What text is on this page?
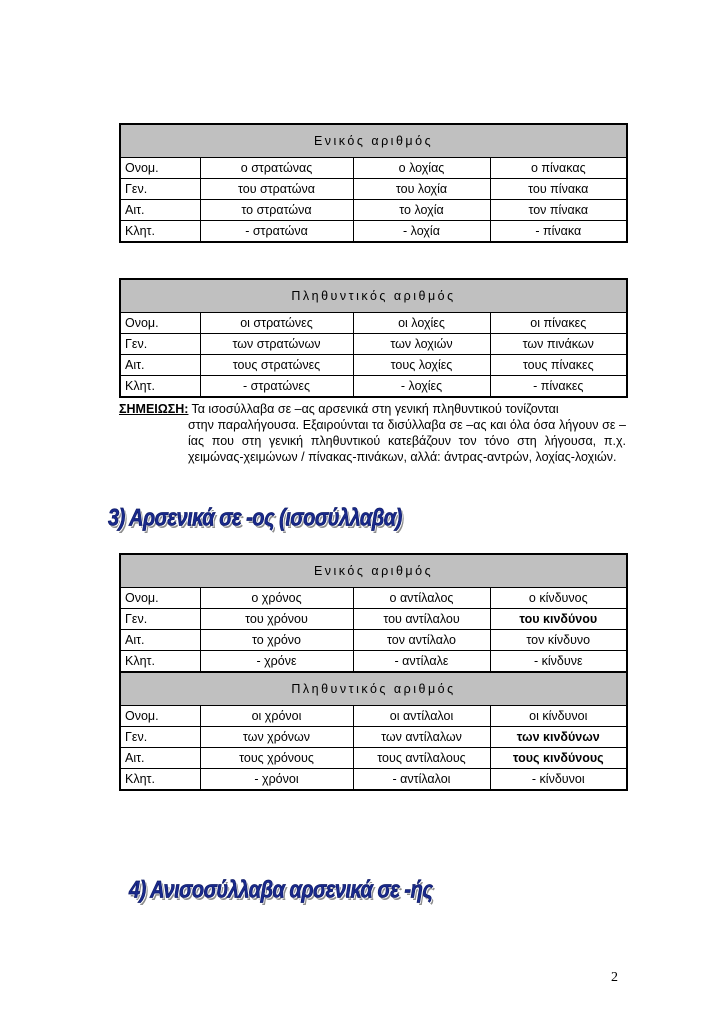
Ενικός αριθμός			
Ονομ.	ο στρατώνας	ο λοχίας	ο πίνακας
Γεν.	του στρατώνα	του λοχία	του πίνακα
Αιτ.	το στρατώνα	το λοχία	τον πίνακα
Κλητ.	- στρατώνα	- λοχία	- πίνακα
Πληθυντικός αριθμός			
Ονομ.	οι στρατώνες	οι λοχίες	οι πίνακες
Γεν.	των στρατώνων	των λοχιών	των πινάκων
Αιτ.	τους στρατώνες	τους λοχίες	τους πίνακες
Κλητ.	- στρατώνες	- λοχίες	- πίνακες
ΣΗΜΕΙΩΣΗ: Τα ισοσύλλαβα σε –ας αρσενικά στη γενική πληθυντικού τονίζονται
στην παραλήγουσα. Εξαιρούνται τα δισύλλαβα σε –ας και όλα όσα λήγουν σε –ίας που στη γενική πληθυντικού κατεβάζουν τον τόνο στη λήγουσα, π.χ. χειμώνας-χειμώνων / πίνακας-πινάκων, αλλά: άντρας-αντρών, λοχίας-λοχιών.
3) Αρσενικά σε -ος (ισοσύλλαβα)
Ενικός αριθμός			
Ονομ.	ο χρόνος	ο αντίλαλος	ο κίνδυνος
Γεν.	του χρόνου	του αντίλαλου	του κινδύνου
Αιτ.	το χρόνο	τον αντίλαλο	τον κίνδυνο
Κλητ.	- χρόνε	- αντίλαλε	- κίνδυνε
Πληθυντικός αριθμός			
Ονομ.	οι χρόνοι	οι αντίλαλοι	οι κίνδυνοι
Γεν.	των χρόνων	των αντίλαλων	των κινδύνων
Αιτ.	τους χρόνους	τους αντίλαλους	τους κινδύνους
Κλητ.	- χρόνοι	- αντίλαλοι	- κίνδυνοι
4) Ανισοσύλλαβα αρσενικά σε -ής
2
